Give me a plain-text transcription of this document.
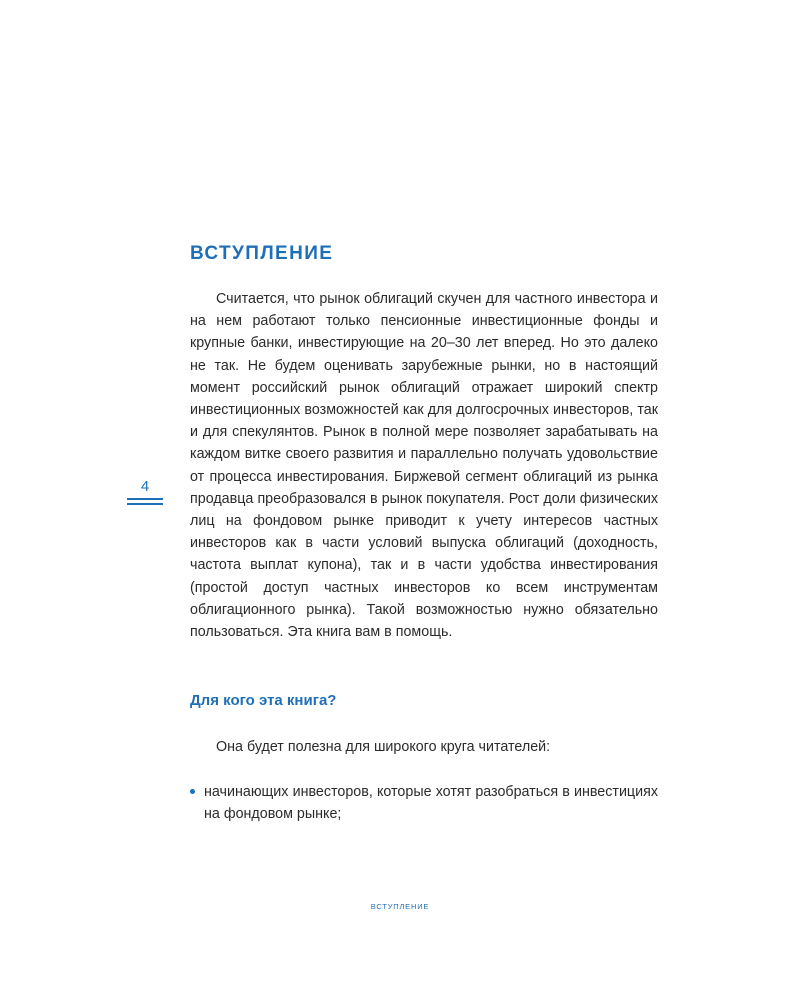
ВСТУПЛЕНИЕ

Считается, что рынок облигаций скучен для частного инвестора и на нем работают только пенсионные инвестиционные фонды и крупные банки, инвестирующие на 20–30 лет вперед. Но это далеко не так. Не будем оценивать зарубежные рынки, но в настоящий момент российский рынок облигаций отражает широкий спектр инвестиционных возможностей как для долгосрочных инвесторов, так и для спекулянтов. Рынок в полной мере позволяет зарабатывать на каждом витке своего развития и параллельно получать удовольствие от процесса инвестирования. Биржевой сегмент облигаций из рынка продавца преобразовался в рынок покупателя. Рост доли физических лиц на фондовом рынке приводит к учету интересов частных инвесторов как в части условий выпуска облигаций (доходность, частота выплат купона), так и в части удобства инвестирования (простой доступ частных инвесторов ко всем инструментам облигационного рынка). Такой возможностью нужно обязательно пользоваться. Эта книга вам в помощь.

4
Для кого эта книга?

Она будет полезна для широкого круга читателей:

начинающих инвесторов, которые хотят разобраться в инвестициях на фондовом рынке;
ВСТУПЛЕНИЕ
